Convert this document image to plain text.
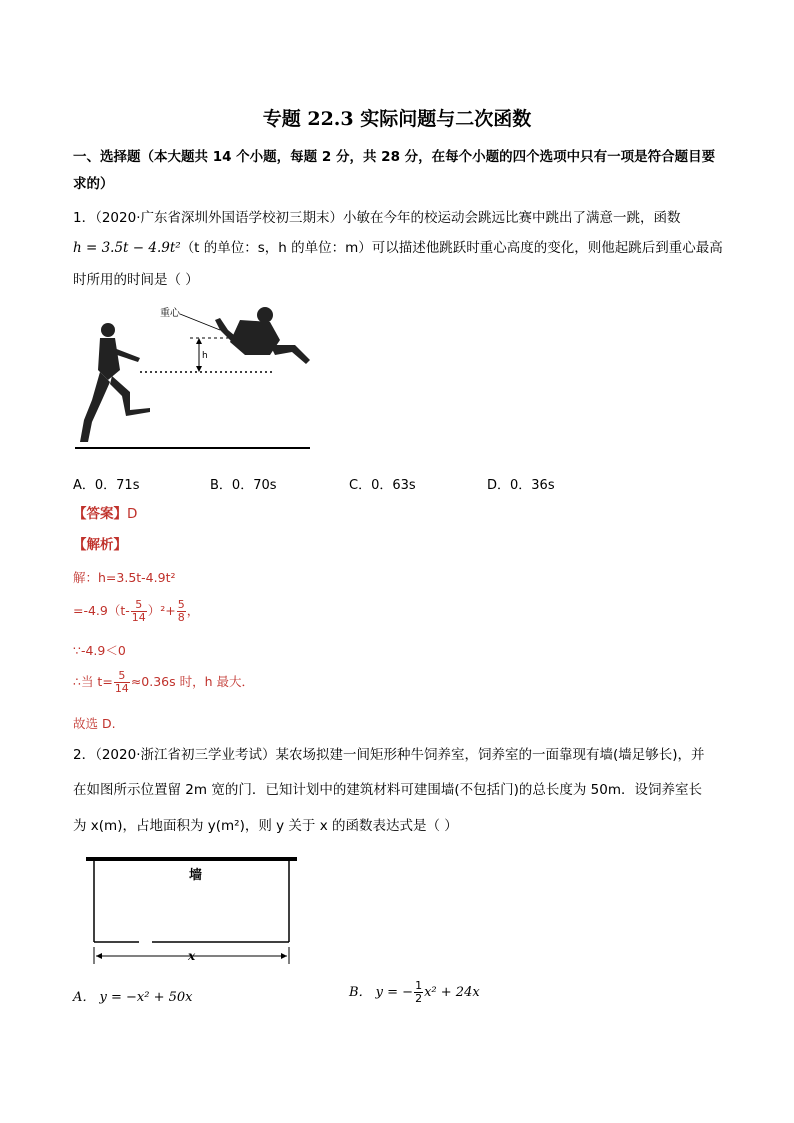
专题 22.3 实际问题与二次函数
一、选择题（本大题共 14 个小题，每题 2 分，共 28 分，在每个小题的四个选项中只有一项是符合题目要
求的）
1．（2020·广东省深圳外国语学校初三期末）小敏在今年的校运动会跳远比赛中跳出了满意一跳，函数
h = 3.5t − 4.9t²（t 的单位：s，h 的单位：m）可以描述他跳跃时重心高度的变化，则他起跳后到重心最高
时所用的时间是（ ）
重心
h
A．0．71s	B．0．70s	C．0．63s	D．0．36s
【答案】D
【解析】
解：h=3.5t-4.9t²
$=-4.9(t- \frac{5}{14} )^2+ \frac{5}{8}$ ，
∵-4.9＜0
∴当 $t= \frac{5}{14} \approx 0.36s$ 时，h 最大．
故选 D.
2．（2020·浙江省初三学业考试）某农场拟建一间矩形种牛饲养室，饲养室的一面靠现有墙(墙足够长)，并
在如图所示位置留 2m 宽的门．已知计划中的建筑材料可建围墙(不包括门)的总长度为 50m．设饲养室长
为 x(m)，占地面积为 y(m²)，则 y 关于 x 的函数表达式是（ ）
墙
x
A． y = −x² + 50x	B． y = − $\frac{1}{2} x^2 + 24x$
